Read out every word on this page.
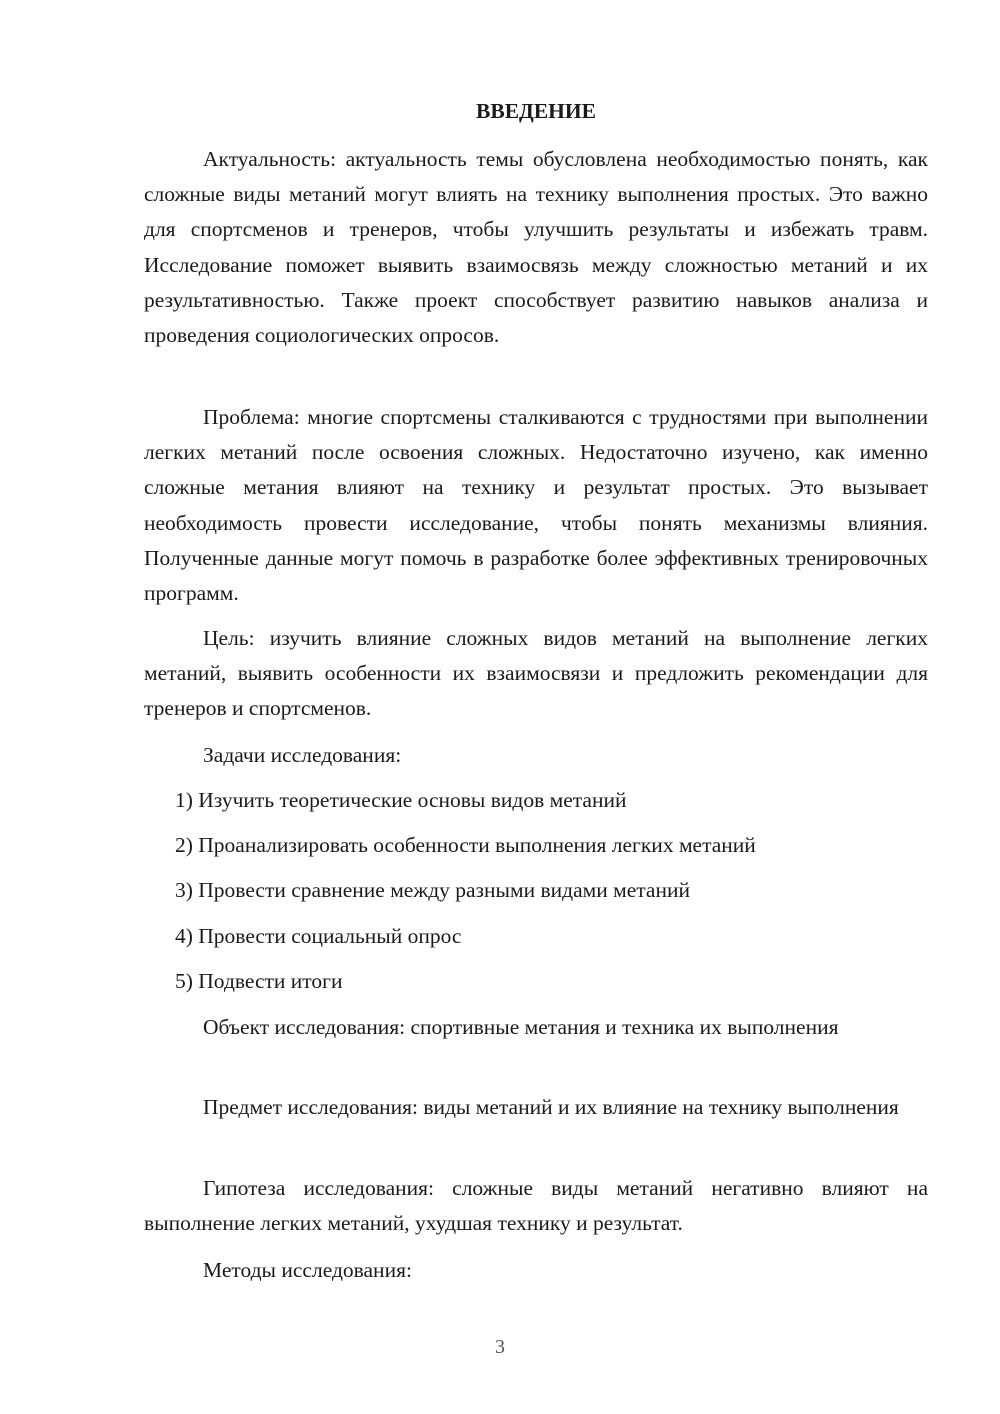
ВВЕДЕНИЕ

Актуальность: актуальность темы обусловлена необходимостью понять, как сложные виды метаний могут влиять на технику выполнения простых. Это важно для спортсменов и тренеров, чтобы улучшить результаты и избежать травм. Исследование поможет выявить взаимосвязь между сложностью метаний и их результативностью. Также проект способствует развитию навыков анализа и проведения социологических опросов.

Проблема: многие спортсмены сталкиваются с трудностями при выполнении легких метаний после освоения сложных. Недостаточно изучено, как именно сложные метания влияют на технику и результат простых. Это вызывает необходимость провести исследование, чтобы понять механизмы влияния. Полученные данные могут помочь в разработке более эффективных тренировочных программ.

Цель: изучить влияние сложных видов метаний на выполнение легких метаний, выявить особенности их взаимосвязи и предложить рекомендации для тренеров и спортсменов.

Задачи исследования:

1) Изучить теоретические основы видов метаний

2) Проанализировать особенности выполнения легких метаний

3) Провести сравнение между разными видами метаний

4) Провести социальный опрос

5) Подвести итоги

Объект исследования: спортивные метания и техника их выполнения

Предмет исследования: виды метаний и их влияние на технику выполнения

Гипотеза исследования: сложные виды метаний негативно влияют на выполнение легких метаний, ухудшая технику и результат.

Методы исследования:

3
